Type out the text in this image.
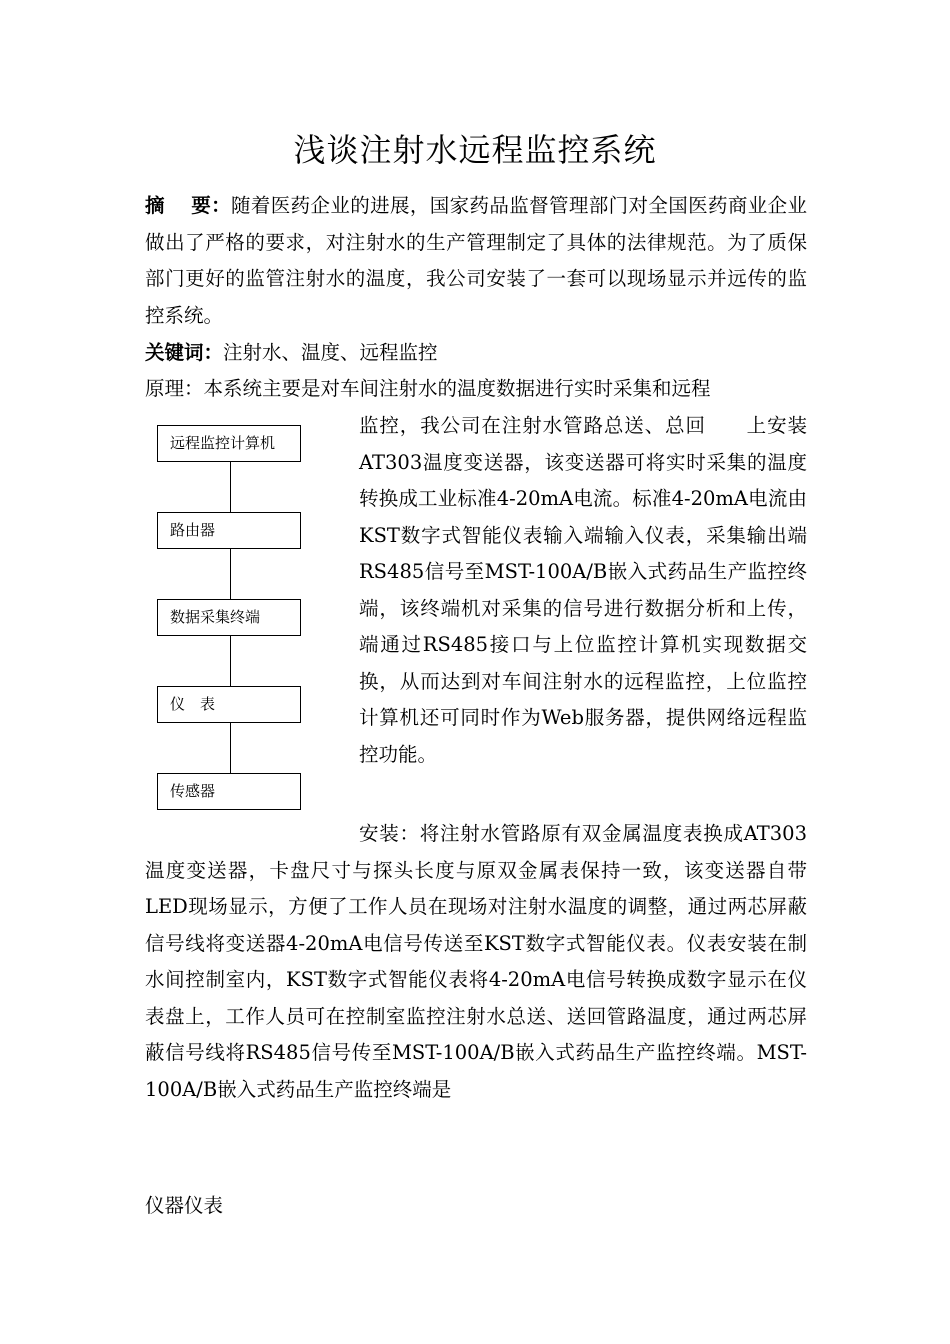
浅谈注射水远程监控系统

摘 要：随着医药企业的进展，国家药品监督管理部门对全国医药商业企业做出了严格的要求，对注射水的生产管理制定了具体的法律规范。为了质保部门更好的监管注射水的温度，我公司安装了一套可以现场显示并远传的监控系统。

关键词：注射水、温度、远程监控

原理：本系统主要是对车间注射水的温度数据进行实时采集和远程

监控，我公司在注射水管路总送、总回　　上安装AT303温度变送器，该变送器可将实时采集的温度转换成工业标准4-20mA电流。标准4-20mA电流由KST数字式智能仪表输入端输入仪表，采集输出端RS485信号至MST-100A/B嵌入式药品生产监控终端，该终端机对采集的信号进行数据分析和上传，端通过RS485接口与上位监控计算机实现数据交换，从而达到对车间注射水的远程监控，上位监控计算机还可同时作为Web服务器，提供网络远程监控功能。

远程监控计算机
路由器
数据采集终端
仪　表
传感器

安装：将注射水管路原有双金属温度表换成AT303温度变送器，卡盘尺寸与探头长度与原双金属表保持一致，该变送器自带LED现场显示，方便了工作人员在现场对注射水温度的调整，通过两芯屏蔽信号线将变送器4-20mA电信号传送至KST数字式智能仪表。仪表安装在制水间控制室内，KST数字式智能仪表将4-20mA电信号转换成数字显示在仪表盘上，工作人员可在控制室监控注射水总送、送回管路温度，通过两芯屏蔽信号线将RS485信号传至MST-100A/B嵌入式药品生产监控终端。MST-100A/B嵌入式药品生产监控终端是

仪器仪表
